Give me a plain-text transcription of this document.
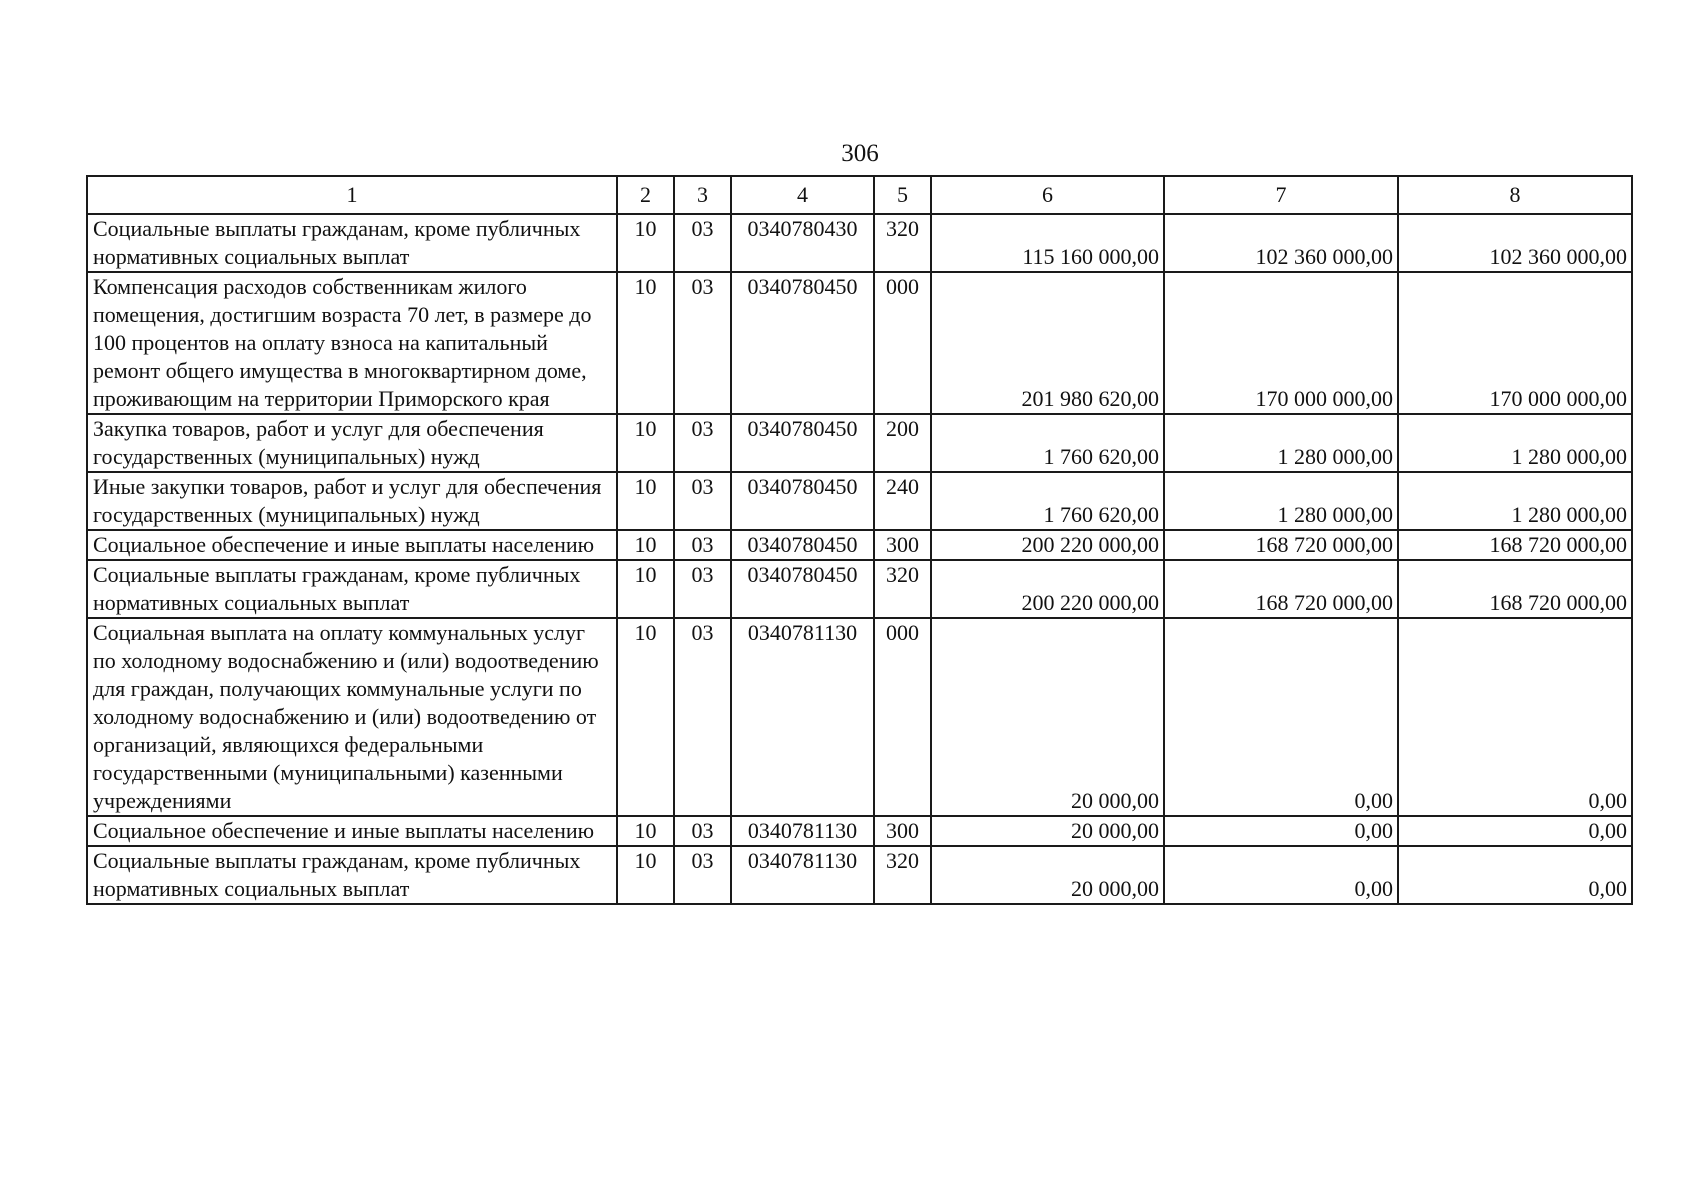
306
1	2	3	4	5	6	7	8
Социальные выплаты гражданам, кроме публичных нормативных социальных выплат	10	03	0340780430	320	115 160 000,00	102 360 000,00	102 360 000,00
Компенсация расходов собственникам жилого помещения, достигшим возраста 70 лет, в размере до 100 процентов на оплату взноса на капитальный ремонт общего имущества в многоквартирном доме, проживающим на территории Приморского края	10	03	0340780450	000	201 980 620,00	170 000 000,00	170 000 000,00
Закупка товаров, работ и услуг для обеспечения государственных (муниципальных) нужд	10	03	0340780450	200	1 760 620,00	1 280 000,00	1 280 000,00
Иные закупки товаров, работ и услуг для обеспечения государственных (муниципальных) нужд	10	03	0340780450	240	1 760 620,00	1 280 000,00	1 280 000,00
Социальное обеспечение и иные выплаты населению	10	03	0340780450	300	200 220 000,00	168 720 000,00	168 720 000,00
Социальные выплаты гражданам, кроме публичных нормативных социальных выплат	10	03	0340780450	320	200 220 000,00	168 720 000,00	168 720 000,00
Социальная выплата на оплату коммунальных услуг по холодному водоснабжению и (или) водоотведению для граждан, получающих коммунальные услуги по холодному водоснабжению и (или) водоотведению от организаций, являющихся федеральными государственными (муниципальными) казенными учреждениями	10	03	0340781130	000	20 000,00	0,00	0,00
Социальное обеспечение и иные выплаты населению	10	03	0340781130	300	20 000,00	0,00	0,00
Социальные выплаты гражданам, кроме публичных нормативных социальных выплат	10	03	0340781130	320	20 000,00	0,00	0,00
